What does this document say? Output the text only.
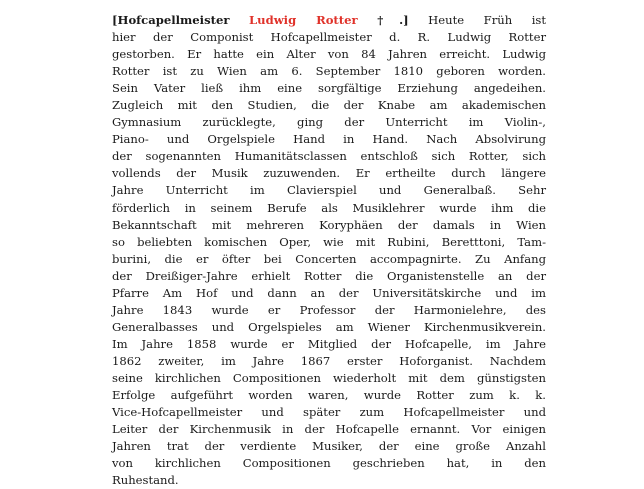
[Hofcapellmeister Ludwig Rotter †.] Heute Früh ist
hier der Componist Hofcapellmeister d. R. Ludwig Rotter
gestorben. Er hatte ein Alter von 84 Jahren erreicht. Ludwig
Rotter ist zu Wien am 6. September 1810 geboren worden.
Sein Vater ließ ihm eine sorgfältige Erziehung angedeihen.
Zugleich mit den Studien, die der Knabe am akademischen
Gymnasium zurücklegte, ging der Unterricht im Violin-,
Piano- und Orgelspiele Hand in Hand. Nach Absolvirung
der sogenannten Humanitätsclassen entschloß sich Rotter, sich
vollends der Musik zuzuwenden. Er ertheilte durch längere
Jahre Unterricht im Clavierspiel und Generalbaß. Sehr
förderlich in seinem Berufe als Musiklehrer wurde ihm die
Bekanntschaft mit mehreren Koryphäen der damals in Wien
so beliebten komischen Oper, wie mit Rubini, Beretttoni, Tam-
burini, die er öfter bei Concerten accompagnirte. Zu Anfang
der Dreißiger-Jahre erhielt Rotter die Organistenstelle an der
Pfarre Am Hof und dann an der Universitätskirche und im
Jahre 1843 wurde er Professor der Harmonielehre, des
Generalbasses und Orgelspieles am Wiener Kirchenmusikverein.
Im Jahre 1858 wurde er Mitglied der Hofcapelle, im Jahre
1862 zweiter, im Jahre 1867 erster Hoforganist. Nachdem
seine kirchlichen Compositionen wiederholt mit dem günstigsten
Erfolge aufgeführt worden waren, wurde Rotter zum k. k.
Vice-Hofcapellmeister und später zum Hofcapellmeister und
Leiter der Kirchenmusik in der Hofcapelle ernannt. Vor einigen
Jahren trat der verdiente Musiker, der eine große Anzahl
von kirchlichen Compositionen geschrieben hat, in den
Ruhestand.
